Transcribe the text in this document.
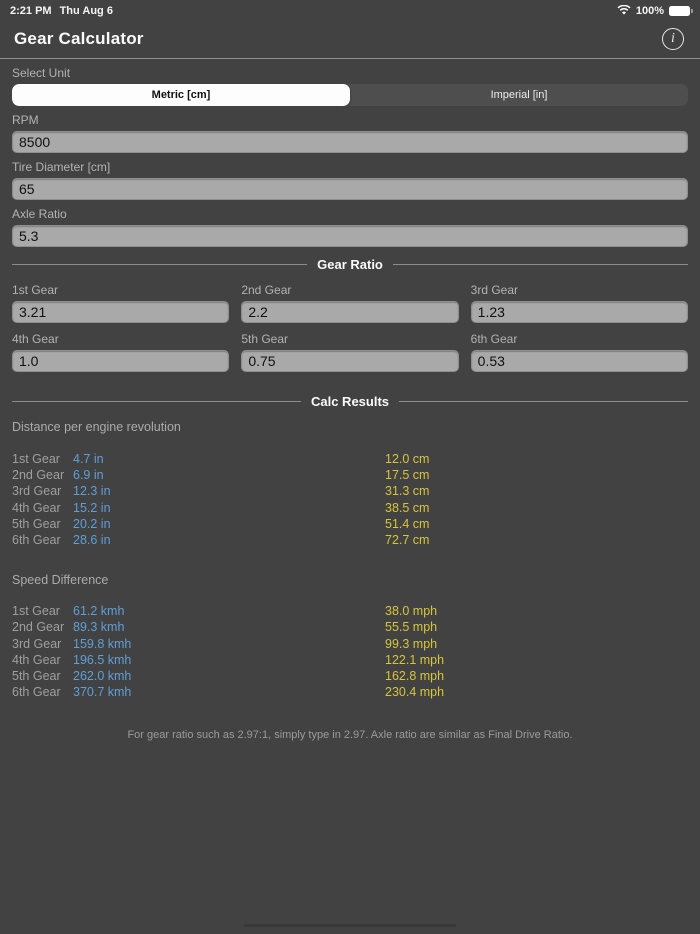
2:21 PM Thu Aug 6	100%
Gear Calculator	i
Select Unit
Metric [cm]	Imperial [in]
RPM
8500
Tire Diameter [cm]
65
Axle Ratio
5.3
Gear Ratio
1st Gear
3.21	2nd Gear
2.2	3rd Gear
1.23
4th Gear
1.0	5th Gear
0.75	6th Gear
0.53
Calc Results
Distance per engine revolution
1st Gear	4.7 in	12.0 cm
2nd Gear 6.9 in	17.5 cm
3rd Gear 12.3 in	31.3 cm
4th Gear 15.2 in	38.5 cm
5th Gear 20.2 in	51.4 cm
6th Gear 28.6 in	72.7 cm
Speed Difference
1st Gear	61.2 kmh	38.0 mph
2nd Gear 89.3 kmh	55.5 mph
3rd Gear 159.8 kmh	99.3 mph
4th Gear 196.5 kmh	122.1 mph
5th Gear 262.0 kmh	162.8 mph
6th Gear 370.7 kmh	230.4 mph
For gear ratio such as 2.97:1, simply type in 2.97. Axle ratio are similar as Final Drive Ratio.
